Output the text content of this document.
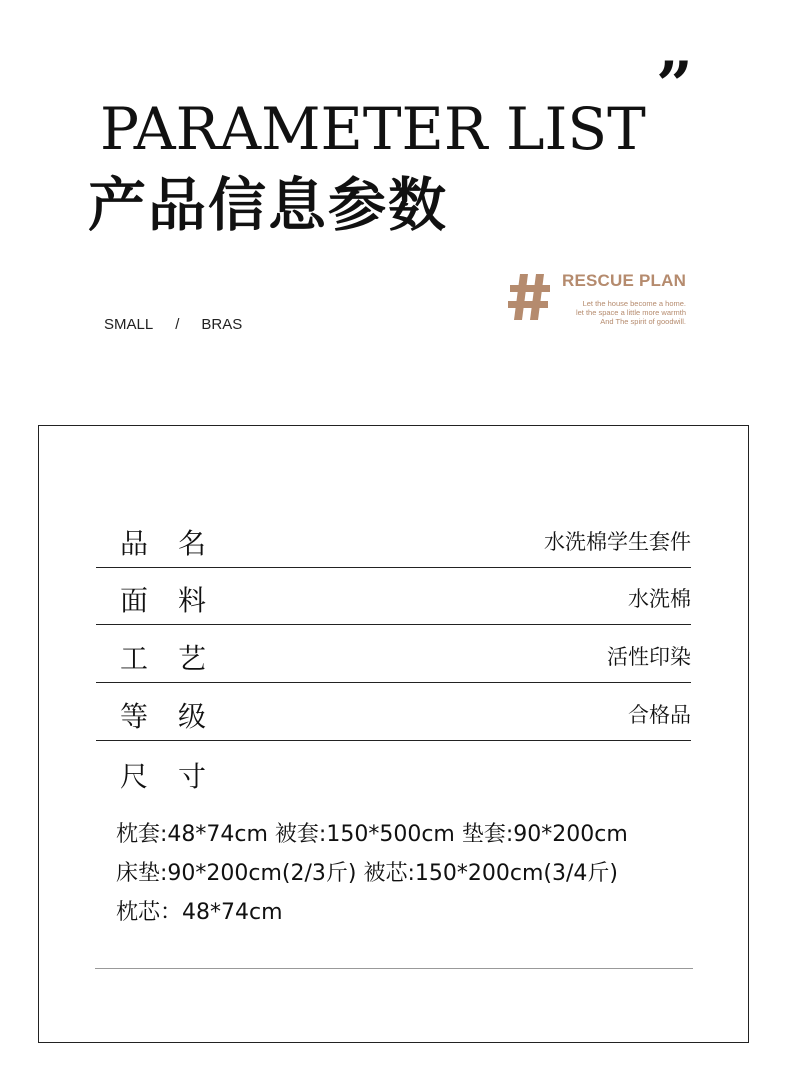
”
PARAMETER LIST
产品信息参数
SMALL / BRAS
RESCUE PLAN
Let the house become a home.
let the space a little more warmth
And The spirit of goodwill.
品名	水洗棉学生套件
面料	水洗棉
工艺	活性印染
等级	合格品
尺寸
枕套:48*74cm 被套:150*500cm 垫套:90*200cm
床垫:90*200cm(2/3斤) 被芯:150*200cm(3/4斤)
枕芯：48*74cm
